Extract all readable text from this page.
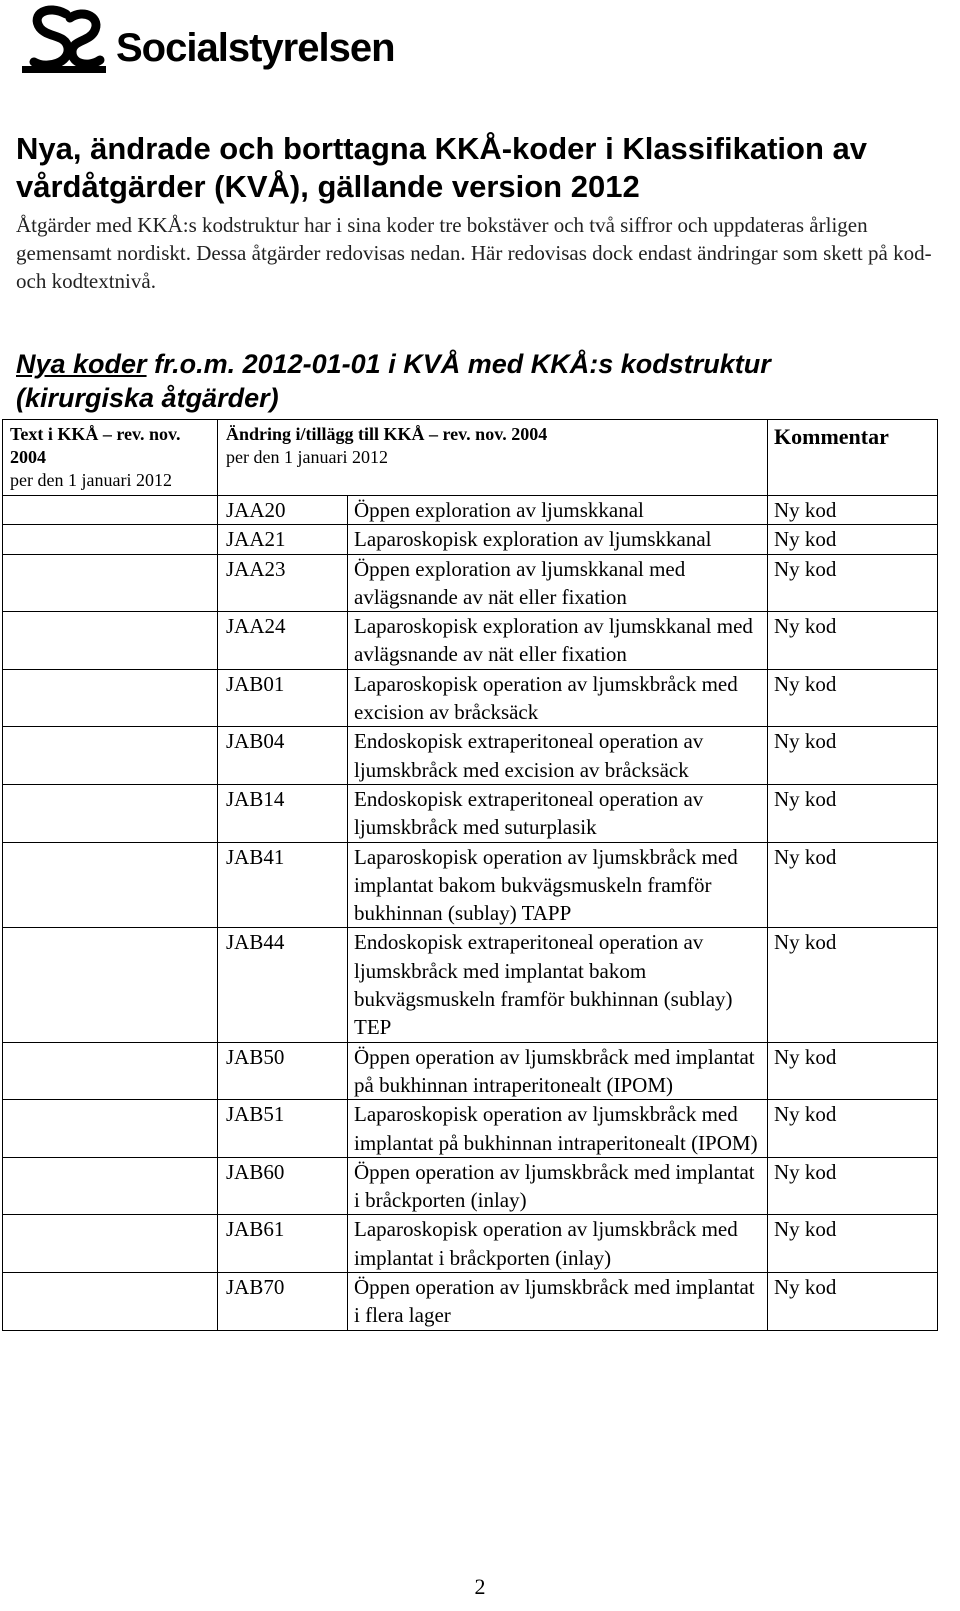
Socialstyrelsen
Nya, ändrade och borttagna KKÅ-koder i Klassifikation av vårdåtgärder (KVÅ), gällande version 2012

Åtgärder med KKÅ:s kodstruktur har i sina koder tre bokstäver och två siffror och uppdateras årligen gemensamt nordiskt. Dessa åtgärder redovisas nedan. Här redovisas dock endast ändringar som skett på kod- och kodtextnivå.

Nya koder fr.o.m. 2012-01-01 i KVÅ med KKÅ:s kodstruktur (kirurgiska åtgärder)
Text i KKÅ – rev. nov. 2004
per den 1 januari 2012	Ändring i/tillägg till KKÅ – rev. nov. 2004
per den 1 januari 2012		Kommentar
	JAA20	Öppen exploration av ljumskkanal	Ny kod
	JAA21	Laparoskopisk exploration av ljumskkanal	Ny kod
	JAA23	Öppen exploration av ljumskkanal med avlägsnande av nät eller fixation	Ny kod
	JAA24	Laparoskopisk exploration av ljumskkanal med avlägsnande av nät eller fixation	Ny kod
	JAB01	Laparoskopisk operation av ljumskbråck med excision av bråcksäck	Ny kod
	JAB04	Endoskopisk extraperitoneal operation av ljumskbråck med excision av bråcksäck	Ny kod
	JAB14	Endoskopisk extraperitoneal operation av ljumskbråck med suturplasik	Ny kod
	JAB41	Laparoskopisk operation av ljumskbråck med implantat bakom bukvägsmuskeln framför bukhinnan (sublay) TAPP	Ny kod
	JAB44	Endoskopisk extraperitoneal operation av ljumskbråck med implantat bakom bukvägsmuskeln framför bukhinnan (sublay) TEP	Ny kod
	JAB50	Öppen operation av ljumskbråck med implantat på bukhinnan intraperitonealt (IPOM)	Ny kod
	JAB51	Laparoskopisk operation av ljumskbråck med implantat på bukhinnan intraperitonealt (IPOM)	Ny kod
	JAB60	Öppen operation av ljumskbråck med implantat i bråckporten (inlay)	Ny kod
	JAB61	Laparoskopisk operation av ljumskbråck med implantat i bråckporten (inlay)	Ny kod
	JAB70	Öppen operation av ljumskbråck med implantat i flera lager	Ny kod
2
